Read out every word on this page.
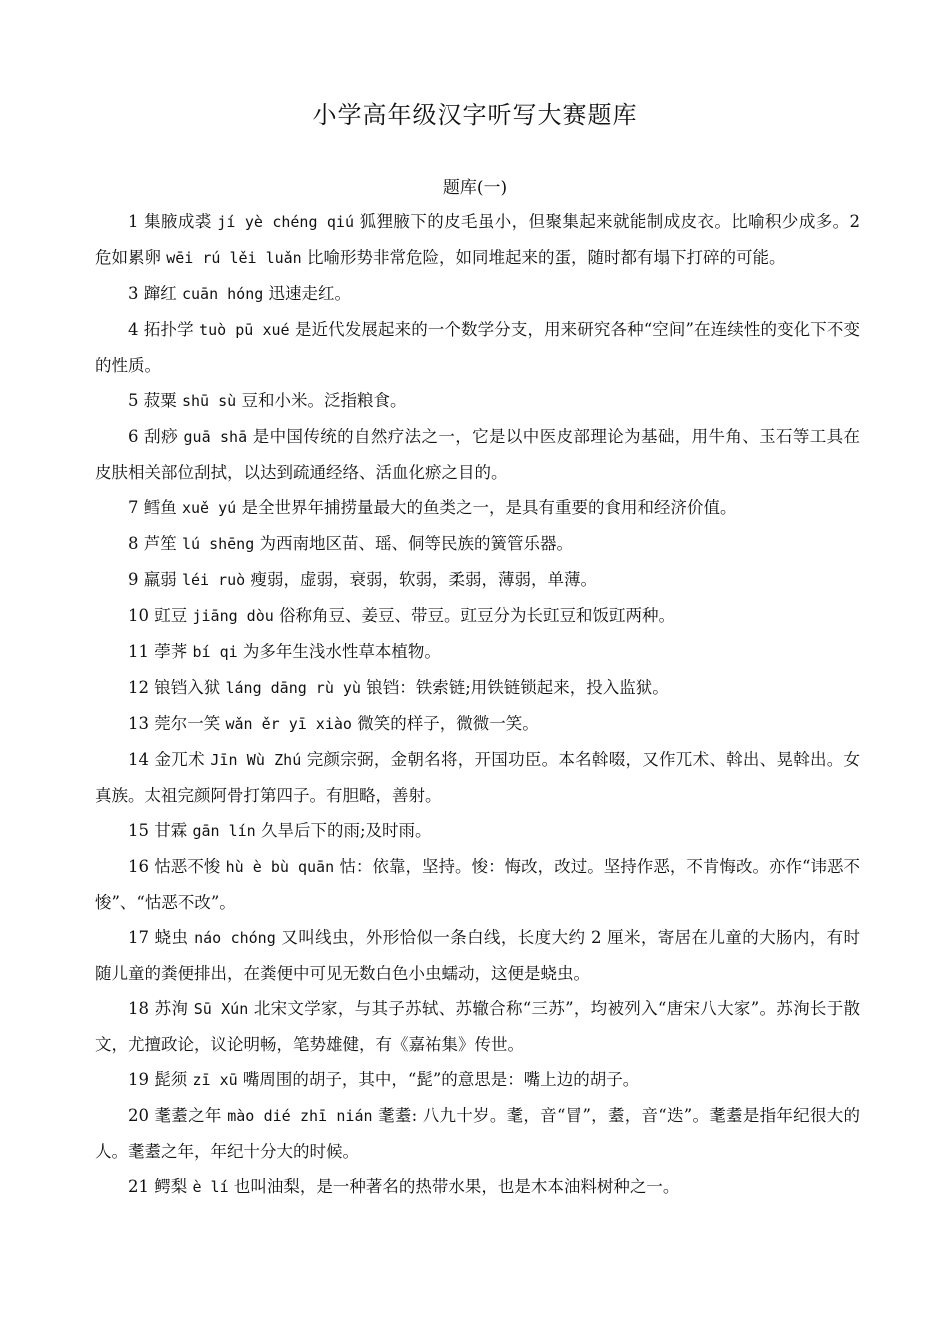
小学高年级汉字听写大赛题库
题库(一)

1 集腋成裘 jí yè chéng qiú 狐狸腋下的皮毛虽小，但聚集起来就能制成皮衣。比喻积少成多。2 危如累卵 wēi rú lěi luǎn 比喻形势非常危险，如同堆起来的蛋，随时都有塌下打碎的可能。

3 蹿红 cuān hóng 迅速走红。

4 拓扑学 tuò pū xué 是近代发展起来的一个数学分支，用来研究各种“空间”在连续性的变化下不变的性质。

5 菽粟 shū sù 豆和小米。泛指粮食。

6 刮痧 guā shā 是中国传统的自然疗法之一，它是以中医皮部理论为基础，用牛角、玉石等工具在皮肤相关部位刮拭，以达到疏通经络、活血化瘀之目的。

7 鳕鱼 xuě yú 是全世界年捕捞量最大的鱼类之一，是具有重要的食用和经济价值。

8 芦笙 lú shēng 为西南地区苗、瑶、侗等民族的簧管乐器。

9 羸弱 léi ruò 瘦弱，虚弱，衰弱，软弱，柔弱，薄弱，单薄。

10 豇豆 jiāng dòu 俗称角豆、姜豆、带豆。豇豆分为长豇豆和饭豇两种。

11 荸荠 bí qi 为多年生浅水性草本植物。

12 锒铛入狱 láng dāng rù yù 锒铛：铁索链;用铁链锁起来，投入监狱。

13 莞尔一笑 wǎn ěr yī xiào 微笑的样子，微微一笑。

14 金兀术 Jīn Wù Zhú 完颜宗弼，金朝名将，开国功臣。本名斡啜，又作兀术、斡出、晃斡出。女真族。太祖完颜阿骨打第四子。有胆略，善射。

15 甘霖 gān lín 久旱后下的雨;及时雨。

16 怙恶不悛 hù è bù quān 怙：依靠，坚持。悛：悔改，改过。坚持作恶，不肯悔改。亦作“讳恶不悛”、“怙恶不改”。

17 蛲虫 náo chóng 又叫线虫，外形恰似一条白线，长度大约 2 厘米，寄居在儿童的大肠内，有时随儿童的粪便排出，在粪便中可见无数白色小虫蠕动，这便是蛲虫。

18 苏洵 Sū Xún 北宋文学家，与其子苏轼、苏辙合称“三苏”，均被列入“唐宋八大家”。苏洵长于散文，尤擅政论，议论明畅，笔势雄健，有《嘉祐集》传世。

19 髭须 zī xū 嘴周围的胡子，其中，“髭”的意思是：嘴上边的胡子。

20 耄耋之年 mào dié zhī nián 耄耋: 八九十岁。耄，音“冒”，耋，音“迭”。耄耋是指年纪很大的人。耄耋之年，年纪十分大的时候。

21 鳄梨 è lí 也叫油梨，是一种著名的热带水果，也是木本油料树种之一。
